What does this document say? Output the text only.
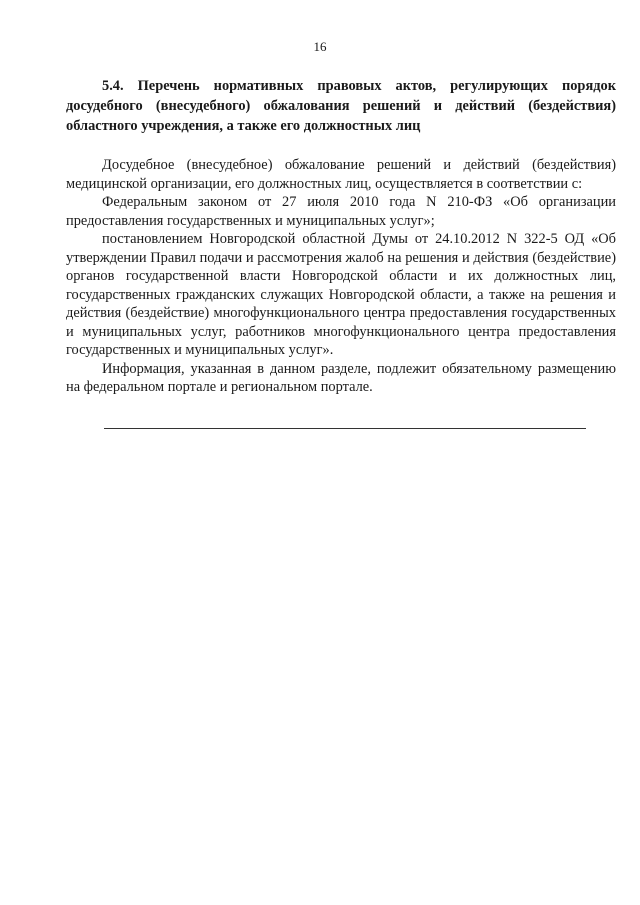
16

5.4. Перечень нормативных правовых актов, регулирующих порядок досудебного (внесудебного) обжалования решений и действий (бездействия) областного учреждения, а также его должностных лиц

Досудебное (внесудебное) обжалование решений и действий (бездействия) медицинской организации, его должностных лиц, осуществляется в соответствии с:

Федеральным законом от 27 июля 2010 года N 210-ФЗ «Об организации предоставления государственных и муниципальных услуг»;

постановлением Новгородской областной Думы от 24.10.2012 N 322-5 ОД «Об утверждении Правил подачи и рассмотрения жалоб на решения и действия (бездействие) органов государственной власти Новгородской области и их должностных лиц, государственных гражданских служащих Новгородской области, а также на решения и действия (бездействие) многофункционального центра предоставления государственных и муниципальных услуг, работников многофункционального центра предоставления государственных и муниципальных услуг».

Информация, указанная в данном разделе, подлежит обязательному размещению на федеральном портале и региональном портале.
